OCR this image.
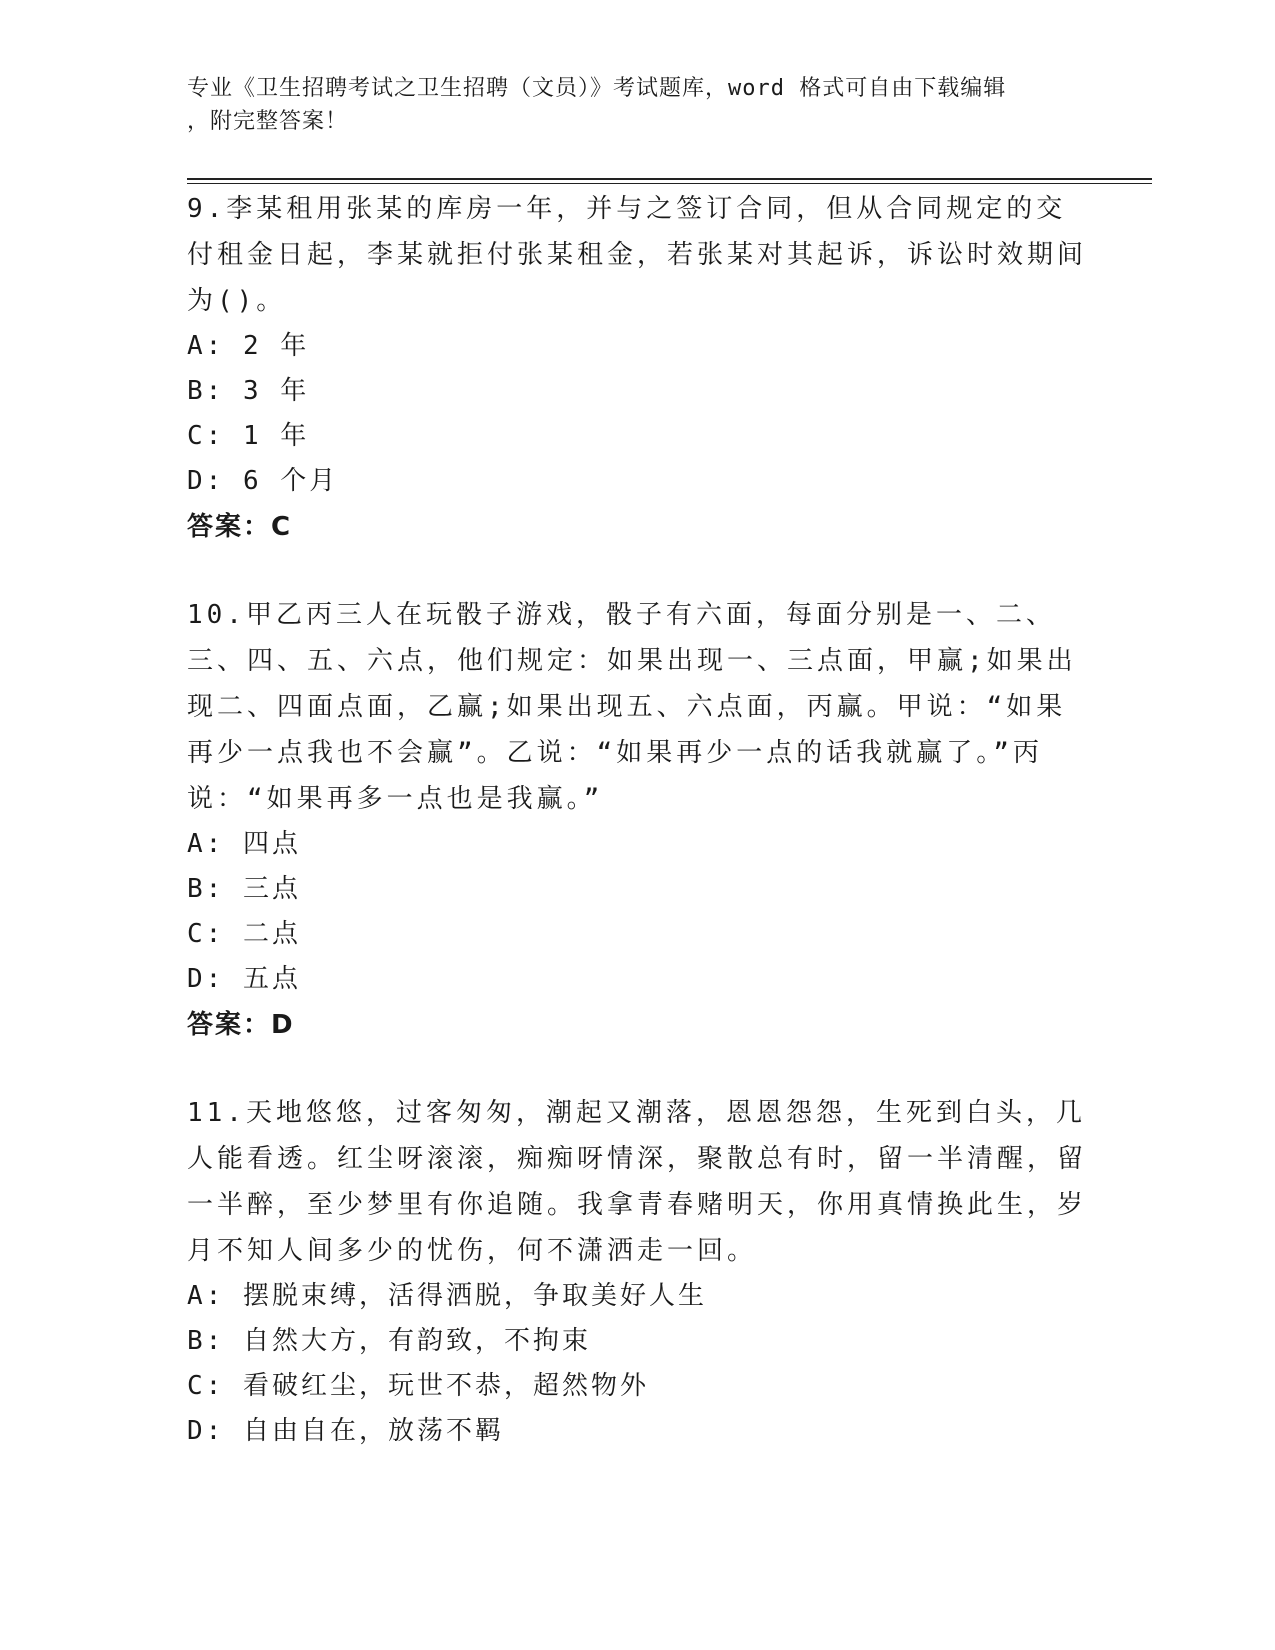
专业《卫生招聘考试之卫生招聘（文员）》考试题库，word 格式可自由下载编辑
，附完整答案！

9.李某租用张某的库房一年，并与之签订合同，但从合同规定的交付租金日起，李某就拒付张某租金，若张某对其起诉，诉讼时效期间为()。

A: 2 年

B: 3 年

C: 1 年

D: 6 个月

答案：C

10.甲乙丙三人在玩骰子游戏，骰子有六面，每面分别是一、二、三、四、五、六点，他们规定：如果出现一、三点面，甲赢;如果出现二、四面点面，乙赢;如果出现五、六点面，丙赢。甲说：“如果再少一点我也不会赢”。乙说：“如果再少一点的话我就赢了。”丙说：“如果再多一点也是我赢。”

A: 四点

B: 三点

C: 二点

D: 五点

答案：D

11.天地悠悠，过客匆匆，潮起又潮落，恩恩怨怨，生死到白头，几人能看透。红尘呀滚滚，痴痴呀情深，聚散总有时，留一半清醒，留一半醉，至少梦里有你追随。我拿青春赌明天，你用真情换此生，岁月不知人间多少的忧伤，何不潇洒走一回。

A: 摆脱束缚，活得洒脱，争取美好人生

B: 自然大方，有韵致，不拘束

C: 看破红尘，玩世不恭，超然物外

D: 自由自在，放荡不羁
